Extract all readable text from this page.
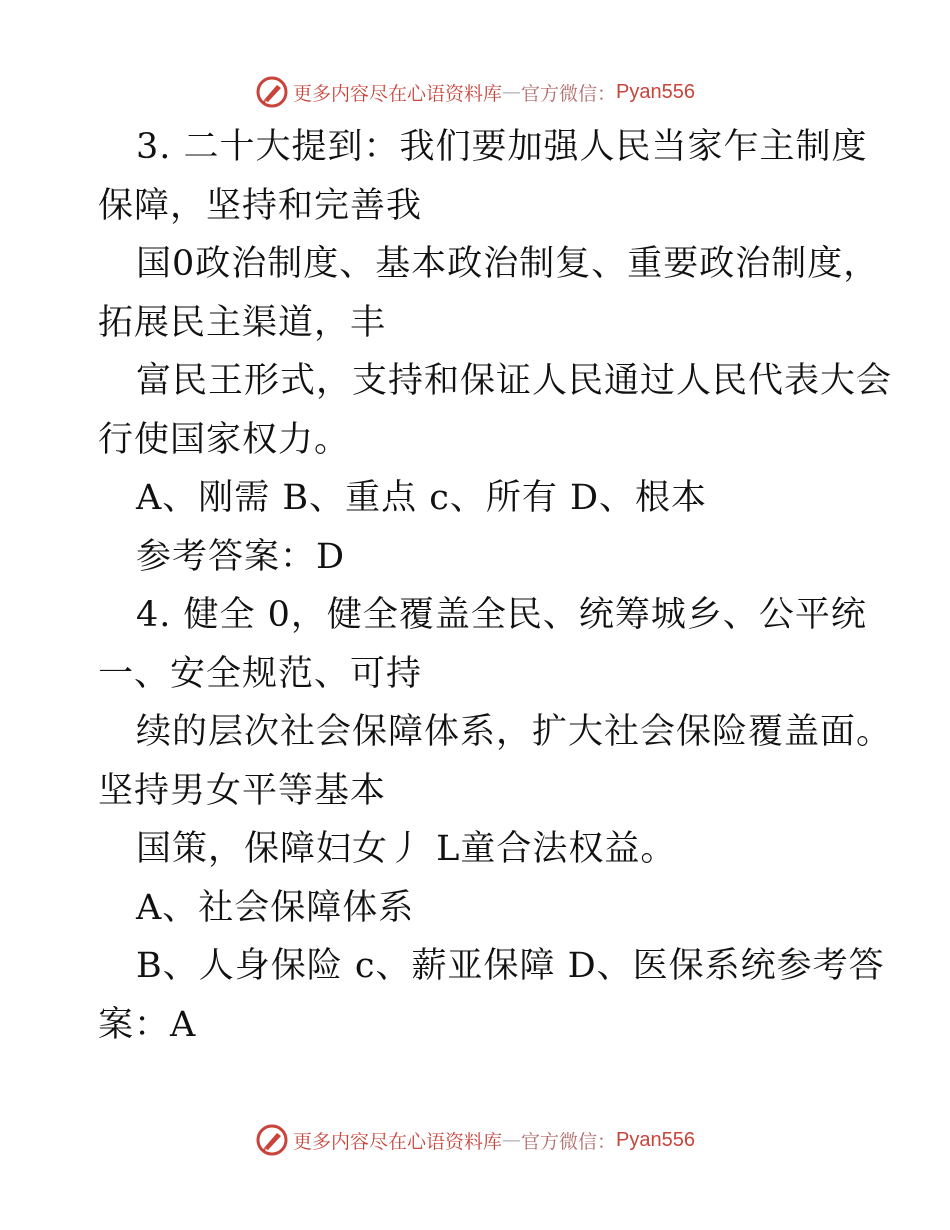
更多内容尽在心语资料库 — 官方微信： Pyan556
3. 二十大提到：我们要加强人民当家乍主制度
保障，坚持和完善我
国0政治制度、基本政治制复、重要政治制度，
拓展民主渠道，丰
富民王形式，支持和保证人民通过人民代表大会
行使国家权力。
A、刚需 B、重点 c、所有 D、根本
参考答案：D
4. 健全 0，健全覆盖全民、统筹城乡、公平统
一、安全规范、可持
续的层次社会保障体系，扩大社会保险覆盖面。
坚持男女平等基本
国策，保障妇女丿 L童合法权益。
A、社会保障体系
B、人身保险 c、薪亚保障 D、医保系统参考答
案：A
更多内容尽在心语资料库 — 官方微信： Pyan556
